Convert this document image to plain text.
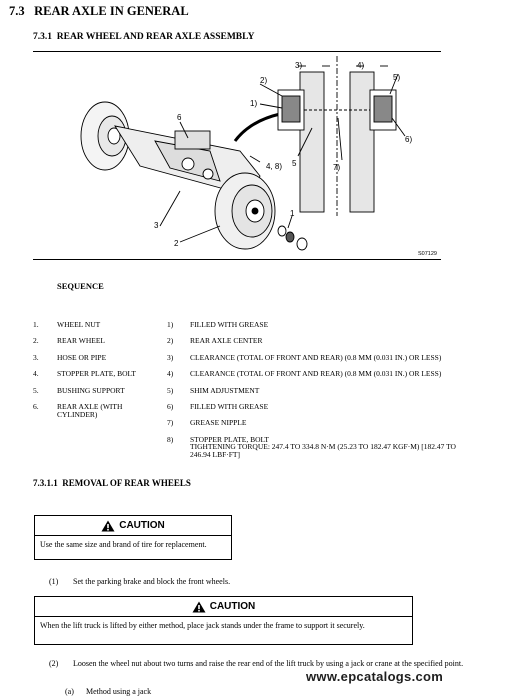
7.3 REAR AXLE IN GENERAL
7.3.1 REAR WHEEL AND REAR AXLE ASSEMBLY
6
4, 8)
3
2
1
2)
1)
3)	4)
5)
6)
5	7)
S07129
SEQUENCE
1. WHEEL NUT
2. REAR WHEEL
3. HOSE OR PIPE
4. STOPPER PLATE, BOLT
5. BUSHING SUPPORT
6. REAR AXLE (WITH CYLINDER)
1) FILLED WITH GREASE
2) REAR AXLE CENTER
3) CLEARANCE (TOTAL OF FRONT AND REAR) (0.8 MM (0.031 IN.) OR LESS)
4) CLEARANCE (TOTAL OF FRONT AND REAR) (0.8 MM (0.031 IN.) OR LESS)
5) SHIM ADJUSTMENT
6) FILLED WITH GREASE
7) GREASE NIPPLE
8) STOPPER PLATE, BOLT
TIGHTENING TORQUE: 247.4 TO 334.8 N·M (25.23 TO 182.47 KGF·M) [182.47 TO 246.94 LBF·FT]
7.3.1.1 REMOVAL OF REAR WHEELS
CAUTION
Use the same size and brand of tire for replacement.
(1) Set the parking brake and block the front wheels.
CAUTION
When the lift truck is lifted by either method, place jack stands under the frame to support it securely.
(2) Loosen the wheel nut about two turns and raise the rear end of the lift truck by using a jack or crane at the specified point.
(a) Method using a jack
www.epcatalogs.com
